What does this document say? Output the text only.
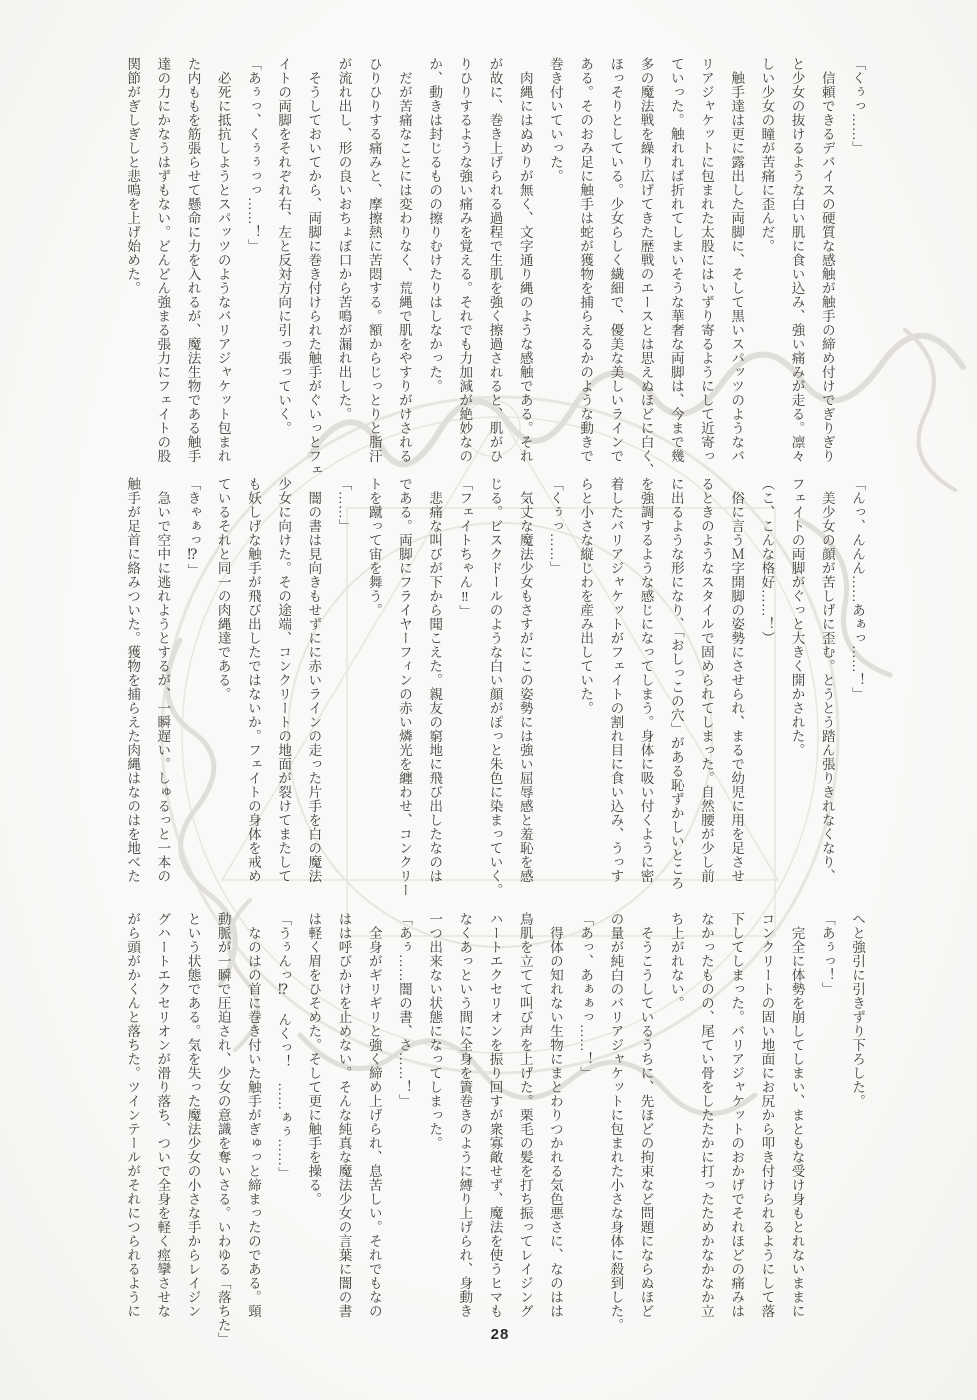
「くぅっ……」
信頼できるデバイスの硬質な感触が触手の締め付けでぎりぎり
と少女の抜けるような白い肌に食い込み、強い痛みが走る。凛々
しい少女の瞳が苦痛に歪んだ。
触手達は更に露出した両脚に、そして黒いスパッツのようなバ
リアジャケットに包まれた太股にはいずり寄るようにして近寄っ
ていった。触れれば折れてしまいそうな華奢な両脚は、今まで幾
多の魔法戦を繰り広げてきた歴戦のエースとは思えぬほどに白く、
ほっそりとしている。少女らしく繊細で、優美な美しいラインで
ある。そのおみ足に触手は蛇が獲物を捕らえるかのような動きで
巻き付いていった。
肉縄にはぬめりが無く、文字通り縄のような感触である。それ
が故に、巻き上げられる過程で生肌を強く擦過されると、肌がひ
りひりするような強い痛みを覚える。それでも力加減が絶妙なの
か、動きは封じるものの擦りむけたりはしなかった。
だが苦痛なことには変わりなく、荒縄で肌をやすりがけされる
ひりひりする痛みと、摩擦熱に苦悶する。額からじっとりと脂汗
が流れ出し、形の良いおちょぼ口から苦鳴が漏れ出した。
そうしておいてから、両脚に巻き付けられた触手がぐいっとフェ
イトの両脚をそれぞれ右、左と反対方向に引っ張っていく。
「あぅっ、くぅぅっっ……！」
必死に抵抗しようとスパッツのようなバリアジャケット包まれ
た内ももを筋張らせて懸命に力を入れるが、魔法生物である触手
達の力にかなうはずもない。どんどん強まる張力にフェイトの股
関節がぎしぎしと悲鳴を上げ始めた。
「んっ、んんん……あぁっ……！」
美少女の顔が苦しげに歪む。とうとう踏ん張りきれなくなり、
フェイトの両脚がぐっと大きく開かされた。
（こ、こんな格好……！）
俗に言うＭ字開脚の姿勢にさせられ、まるで幼児に用を足させ
るときのようなスタイルで固められてしまった。自然腰が少し前
に出るような形になり、「おしっこの穴」がある恥ずかしいところ
を強調するような感じになってしまう。身体に吸い付くように密
着したバリアジャケットがフェイトの割れ目に食い込み、うっす
らと小さな縦じわを産み出していた。
「くぅっ……」
気丈な魔法少女もさすがにこの姿勢には強い屈辱感と羞恥を感
じる。ビスクドールのような白い顔がぽっと朱色に染まっていく。
「フェイトちゃん‼」
悲痛な叫びが下から聞こえた。親友の窮地に飛び出したなのは
である。両脚にフライヤーフィンの赤い燐光を纏わせ、コンクリー
トを蹴って宙を舞う。
「……」
闇の書は見向きもせずにに赤いラインの走った片手を白の魔法
少女に向けた。その途端、コンクリートの地面が裂けてまたして
も妖しげな触手が飛び出したではないか。フェイトの身体を戒め
ているそれと同一の肉縄達である。
「きゃぁっ⁉」
急いで空中に逃れようとするが、一瞬遅い。しゅるっと一本の
触手が足首に絡みついた。獲物を捕らえた肉縄はなのはを地べた
へと強引に引きずり下ろした。
「あぅっ！」
完全に体勢を崩してしまい、まともな受け身もとれないままに
コンクリートの固い地面にお尻から叩き付けられるようにして落
下してしまった。バリアジャケットのおかげでそれほどの痛みは
なかったものの、尾てい骨をしたたかに打ったためかなかなか立
ち上がれない。
そうこうしているうちに、先ほどの拘束など問題にならぬほど
の量が純白のバリアジャケットに包まれた小さな身体に殺到した。
「あっ、あぁぁっ……！」
得体の知れない生物にまとわりつかれる気色悪さに、なのはは
鳥肌を立てて叫び声を上げた。栗毛の髪を打ち振ってレイジング
ハートエクセリオンを振り回すが衆寡敵せず、魔法を使うヒマも
なくあっという間に全身を簀巻きのように縛り上げられ、身動き
一つ出来ない状態になってしまった。
「あぅ……闇の書、さ……！」
全身がギリギリと強く締め上げられ、息苦しい。それでもなの
はは呼びかけを止めない。そんな純真な魔法少女の言葉に闇の書
は軽く眉をひそめた。そして更に触手を操る。
「うぅんっ⁉　んくっ！　……ぁぅ……」
なのはの首に巻き付いた触手がぎゅっと締まったのである。頸
動脈が一瞬で圧迫され、少女の意識を奪いさる。いわゆる「落ちた」
という状態である。気を失った魔法少女の小さな手からレイジン
グハートエクセリオンが滑り落ち、ついで全身を軽く痙攣させな
がら頭がかくんと落ちた。ツインテールがそれにつられるように
28
